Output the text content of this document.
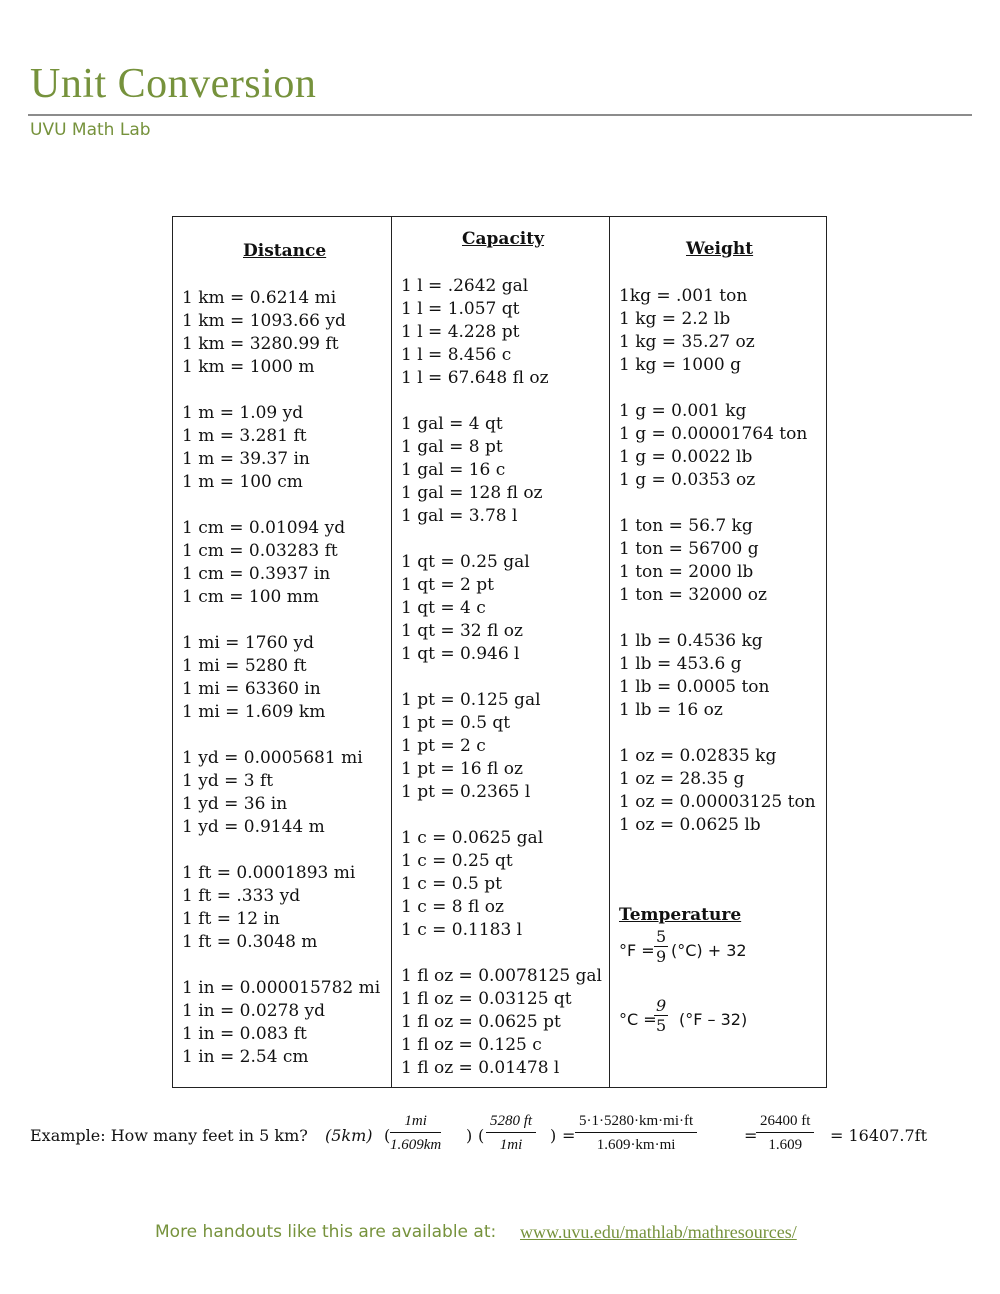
Unit Conversion
UVU Math Lab
Distance
1 km = 0.6214 mi
1 km = 1093.66 yd
1 km = 3280.99 ft
1 km = 1000 m
1 m = 1.09 yd
1 m = 3.281 ft
1 m = 39.37 in
1 m = 100 cm
1 cm = 0.01094 yd
1 cm = 0.03283 ft
1 cm = 0.3937 in
1 cm = 100 mm
1 mi = 1760 yd
1 mi = 5280 ft
1 mi = 63360 in
1 mi = 1.609 km
1 yd = 0.0005681 mi
1 yd = 3 ft
1 yd = 36 in
1 yd = 0.9144 m
1 ft = 0.0001893 mi
1 ft = .333 yd
1 ft = 12 in
1 ft = 0.3048 m
1 in = 0.000015782 mi
1 in = 0.0278 yd
1 in = 0.083 ft
1 in = 2.54 cm
Capacity
1 l = .2642 gal
1 l = 1.057 qt
1 l = 4.228 pt
1 l = 8.456 c
1 l = 67.648 fl oz
1 gal = 4 qt
1 gal = 8 pt
1 gal = 16 c
1 gal = 128 fl oz
1 gal = 3.78 l
1 qt = 0.25 gal
1 qt = 2 pt
1 qt = 4 c
1 qt = 32 fl oz
1 qt = 0.946 l
1 pt = 0.125 gal
1 pt = 0.5 qt
1 pt = 2 c
1 pt = 16 fl oz
1 pt = 0.2365 l
1 c = 0.0625 gal
1 c = 0.25 qt
1 c = 0.5 pt
1 c = 8 fl oz
1 c = 0.1183 l
1 fl oz = 0.0078125 gal
1 fl oz = 0.03125 qt
1 fl oz = 0.0625 pt
1 fl oz = 0.125 c
1 fl oz = 0.01478 l
Weight
1kg = .001 ton
1 kg = 2.2 lb
1 kg = 35.27 oz
1 kg = 1000 g
1 g = 0.001 kg
1 g = 0.00001764 ton
1 g = 0.0022 lb
1 g = 0.0353 oz
1 ton = 56.7 kg
1 ton = 56700 g
1 ton = 2000 lb
1 ton = 32000 oz
1 lb = 0.4536 kg
1 lb = 453.6 g
1 lb = 0.0005 ton
1 lb = 16 oz
1 oz = 0.02835 kg
1 oz = 28.35 g
1 oz = 0.00003125 ton
1 oz = 0.0625 lb
Temperature
$^\circ F = \frac{5}{9} (^\circ C) + 32$
°C =
$\frac{9}{5} (^\circ F - 32)$
Example: How many feet in 5 km? (5km) ( $\frac{1mi}{1.609km}$ ) ( $\frac{5280 ft}{1mi}$ ) = $\frac{5\cdot 1\cdot 5280\cdot km\cdot mi\cdot ft}{1.609\cdot km\cdot mi}$	=
$\frac{26400 ft}{1.609} = 16407.7ft$
More handouts like this are available at: www.uvu.edu/mathlab/mathresources/
